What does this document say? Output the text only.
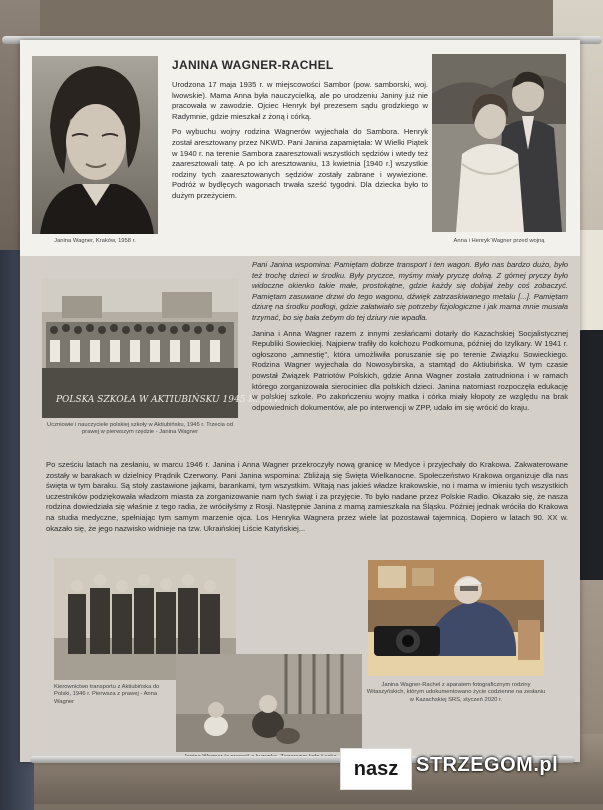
Janina Wagner, Kraków, 1958 r.
JANINA WAGNER-RACHEL

Urodzona 17 maja 1935 r. w miejscowości Sambor (pow. samborski, woj. lwowskie). Mama Anna była nauczycielką, ale po urodzeniu Janiny już nie pracowała w zawodzie. Ojciec Henryk był prezesem sądu grodzkiego w Radymnie, gdzie mieszkał z żoną i córką.

Po wybuchu wojny rodzina Wagnerów wyjechała do Sambora. Henryk został aresztowany przez NKWD. Pani Janina zapamiętała: W Wielki Piątek w 1940 r. na terenie Sambora zaaresztowali wszystkich sędziów i wtedy też zaaresztowali tatę. A po ich aresztowaniu, 13 kwietnia [1940 r.] wszystkie rodziny tych zaaresztowanych sędziów zostały zabrane i wywiezione. Podróż w bydlęcych wagonach trwała sześć tygodni. Dla dziecka było to dużym przeżyciem.

Anna i Henryk Wagner przed wojną
POLSKA SZKOŁA W AKTIUBIŃSKU 1945 R. 6.IV.
Uczniowie i nauczyciele polskiej szkoły w Aktiubińsku, 1945 r. Trzecia od prawej w pierwszym rzędzie - Janina Wagner

Pani Janina wspomina: Pamiętam dobrze transport i ten wagon. Było nas bardzo dużo, było też trochę dzieci w środku. Były pryczce, myśmy miały pryczę dolną. Z górnej pryczy było widoczne okienko takie małe, prostokątne, gdzie każdy się dobijał żeby coś zobaczyć. Pamiętam zasuwane drzwi do tego wagonu, dźwięk zatrzaskiwanego metalu [...]. Pamiętam dziurę na środku podłogi, gdzie załatwiało się potrzeby fizjologiczne i jak mama mnie musiała trzymać, bo się bała żebym do tej dziury nie wpadła.

Janina i Anna Wagner razem z innymi zesłańcami dotarły do Kazachskiej Socjalistycznej Republiki Sowieckiej. Najpierw trafiły do kołchozu Podkomuna, później do Izylkary. W 1941 r. ogłoszono „amnestię”, która umożliwiła poruszanie się po terenie Związku Sowieckiego. Rodzina Wagner wyjechała do Nowosybirska, a stamtąd do Aktiubińska. W tym czasie powstał Związek Patriotów Polskich, gdzie Anna Wagner została zatrudniona i w ramach którego zorganizowała sierociniec dla polskich dzieci. Janina natomiast rozpoczęła edukację w polskiej szkole. Po zakończeniu wojny matka i córka miały kłopoty ze względu na brak odpowiednich dokumentów, ale po interwencji w ZPP, udało im się wrócić do kraju.

Po sześciu latach na zesłaniu, w marcu 1946 r. Janina i Anna Wagner przekroczyły nową granicę w Medyce i przyjechały do Krakowa. Zakwaterowane zostały w barakach w dzielnicy Prądnik Czerwony. Pani Janina wspomina: Zbliżają się Święta Wielkanocne. Społeczeństwo Krakowa organizuje dla nas święta w tym baraku. Są stoły zastawione jajkami, barankami, tym wszystkim. Witają nas jakieś władze krakowskie, no i mama w imieniu tych wszystkich uczestników podziękowała władzom miasta za zorganizowanie nam tych świąt i za przyjęcie. To było nadane przez Polskie Radio. Okazało się, że nasza rodzina dowiedziała się właśnie z tego radia, że wróciłyśmy z Rosji. Następnie Janina z mamą zamieszkała na Śląsku. Później jednak wróciła do Krakowa na studia medyczne, spełniając tym samym marzenie ojca. Los Henryka Wagnera przez wiele lat pozostawał tajemnicą. Dopiero w latach 90. XX w. okazało się, że jego nazwisko widnieje na tzw. Ukraińskiej Liście Katyńskiej...
Kierownictwo transportu z Aktiubińska do Polski, 1946 r. Pierwsza z prawej - Anna Wagner
Janina Wagner-Rachel z aparatem fotograficznym rodziny Witaszyńskich, którym udokumentowano życie codzienne na zesłaniu w Kazachskiej SRS, styczeń 2020 r.
nasz STRZEGOM.pl
